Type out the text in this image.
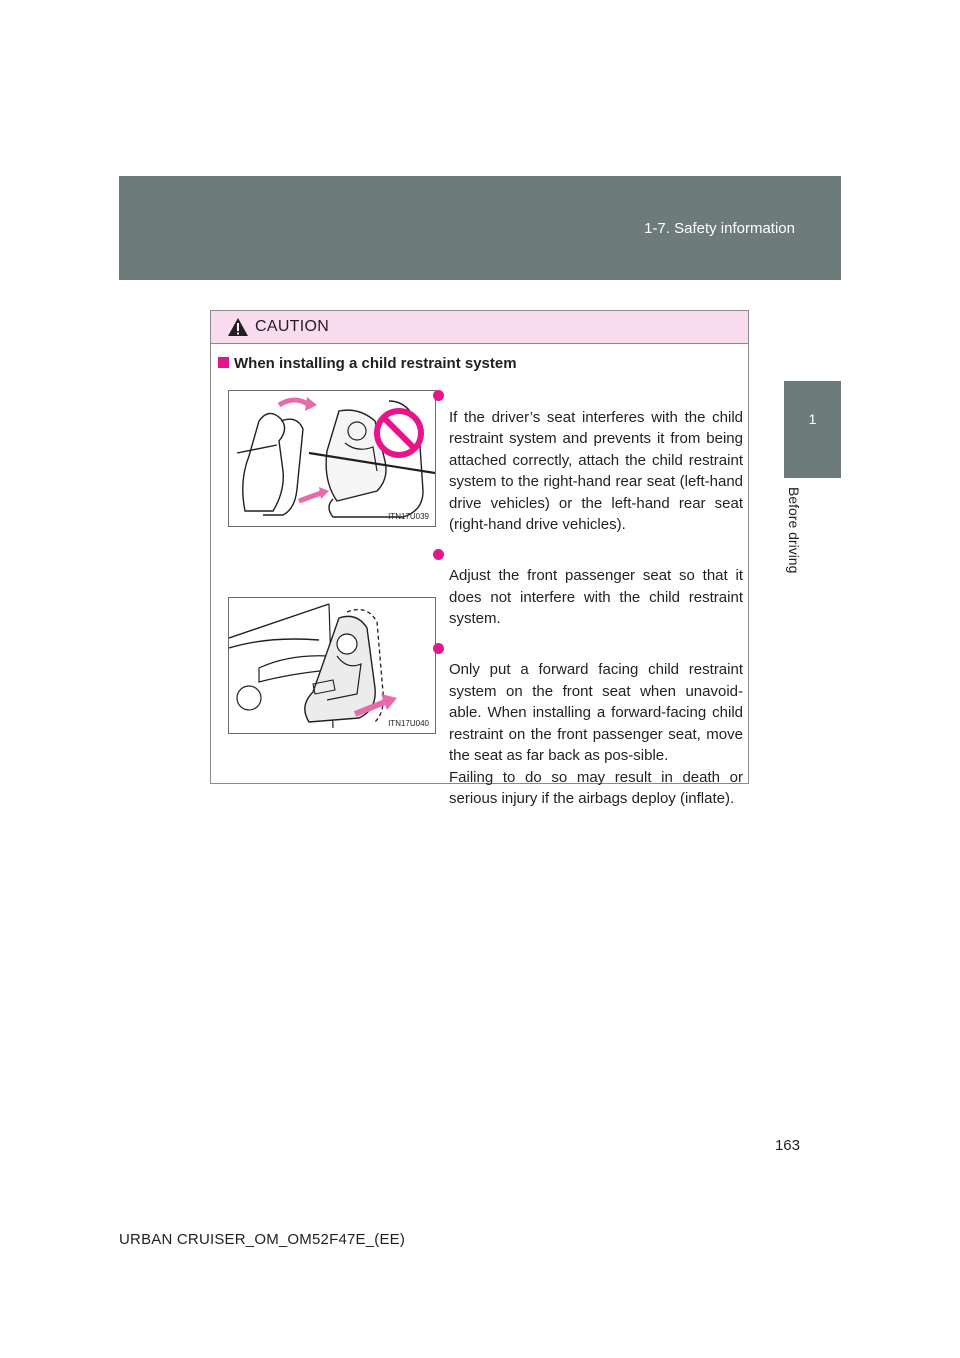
1-7. Safety information
1
Before driving
CAUTION
When installing a child restraint system
ITN17U039
ITN17U040

If the driver’s seat interferes with the child restraint system and prevents it from being attached correctly, attach the child restraint system to the right-hand rear seat (left-hand drive vehicles) or the left-hand rear seat (right-hand drive vehicles).

Adjust the front passenger seat so that it does not interfere with the child restraint system.

Only put a forward facing child restraint system on the front seat when unavoid-able. When installing a forward-facing child restraint on the front passenger seat, move the seat as far back as pos-sible.
Failing to do so may result in death or serious injury if the airbags deploy (inflate).

163
URBAN CRUISER_OM_OM52F47E_(EE)
